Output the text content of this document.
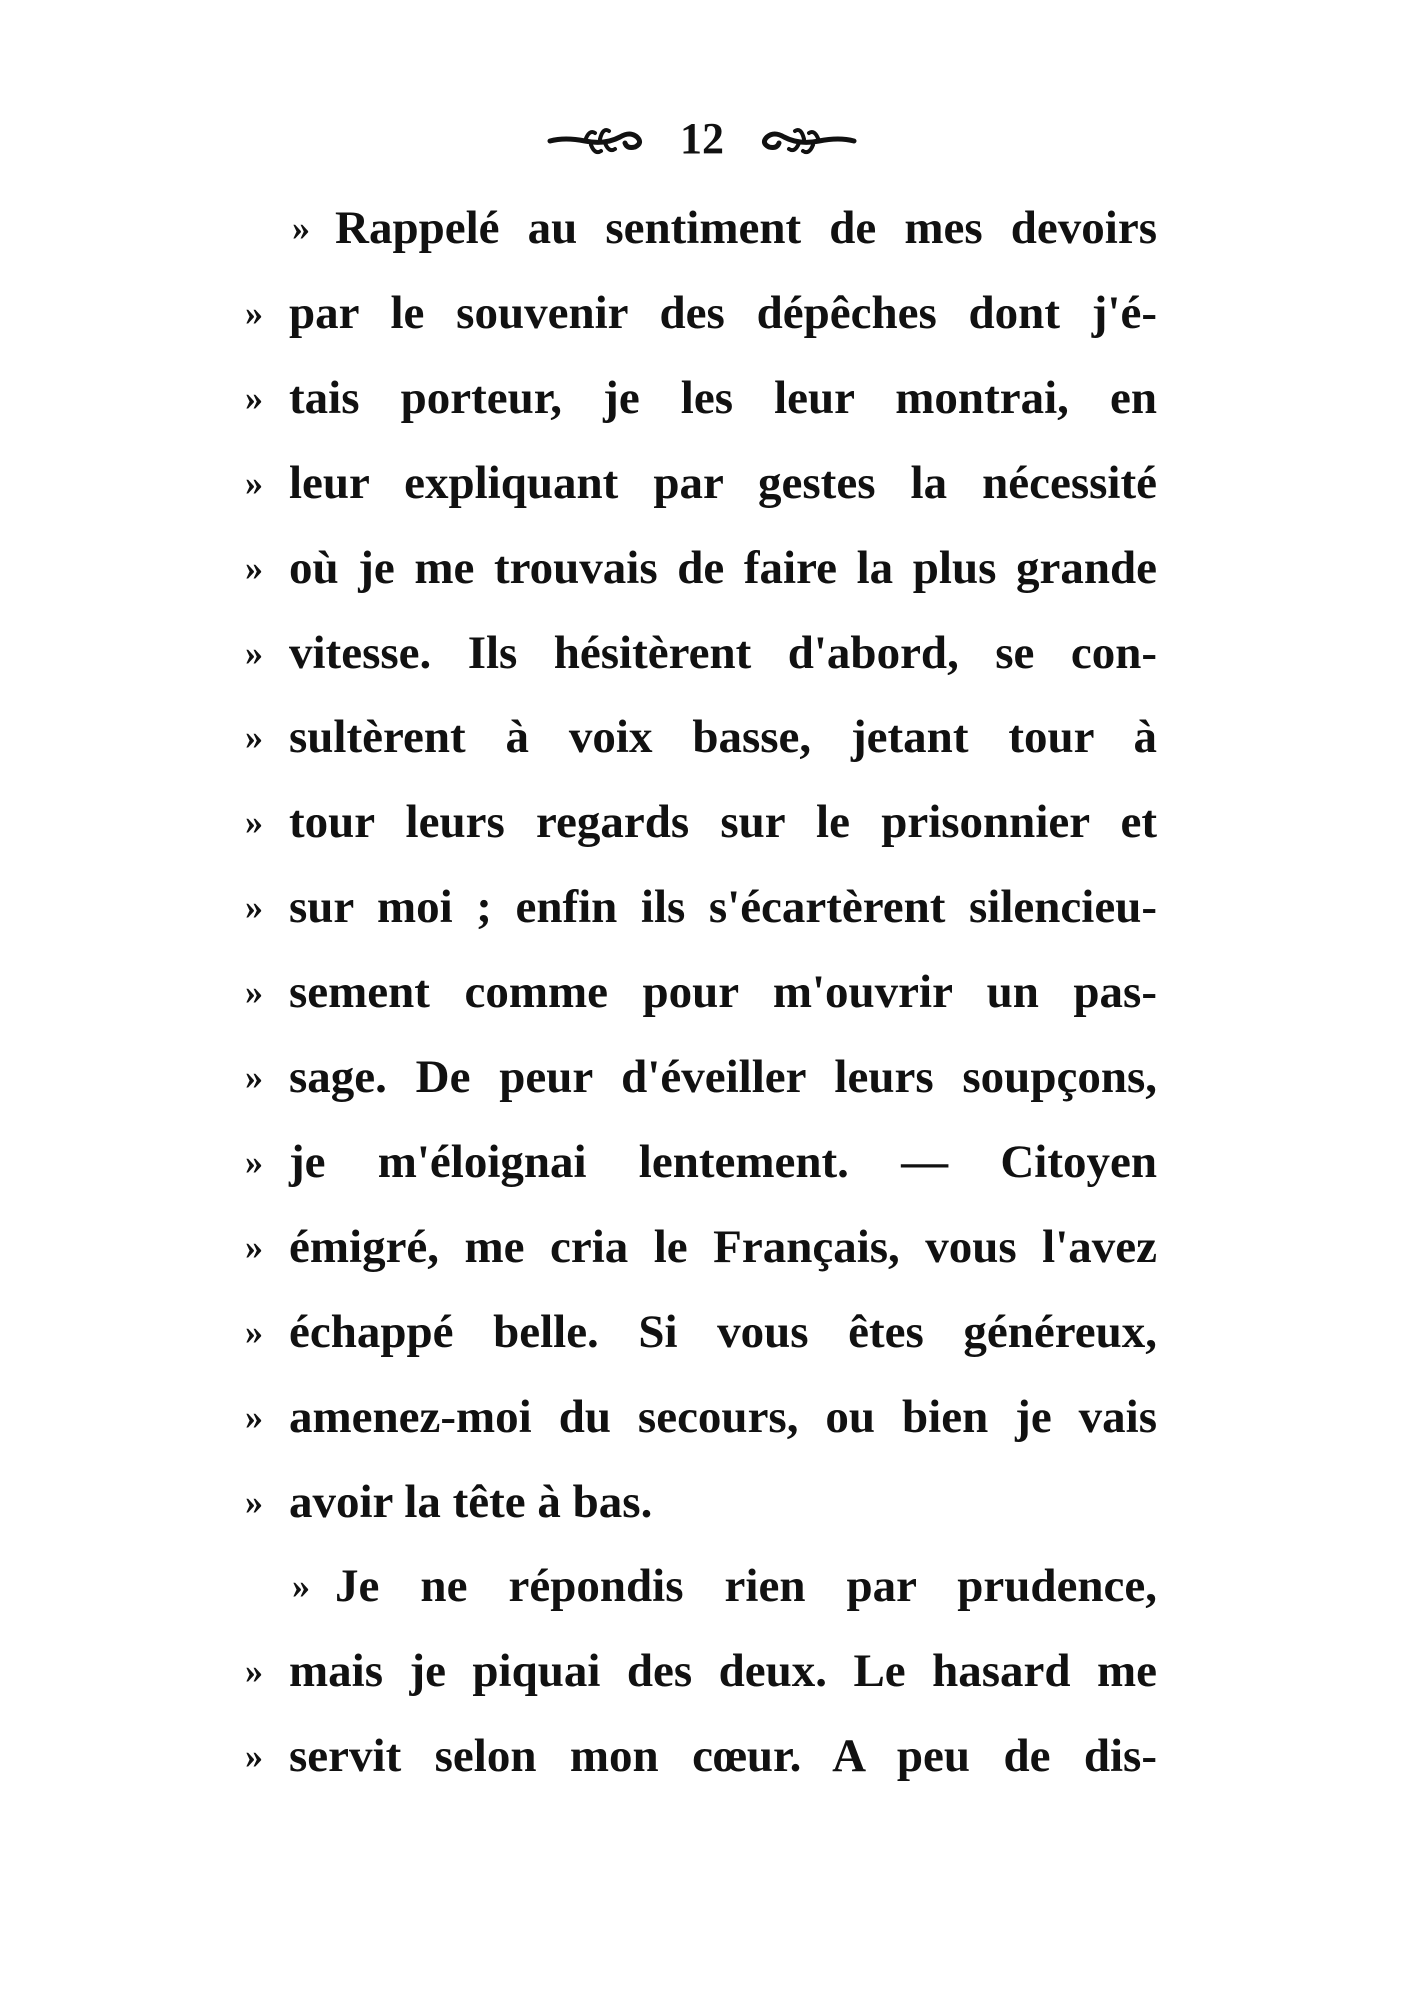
12
» Rappelé au sentiment de mes devoirs
» par le souvenir des dépêches dont j'é-
» tais porteur, je les leur montrai, en
» leur expliquant par gestes la nécessité
» où je me trouvais de faire la plus grande
» vitesse. Ils hésitèrent d'abord, se con-
» sultèrent à voix basse, jetant tour à
» tour leurs regards sur le prisonnier et
» sur moi ; enfin ils s'écartèrent silencieu-
» sement comme pour m'ouvrir un pas-
» sage. De peur d'éveiller leurs soupçons,
» je m'éloignai lentement. — Citoyen
» émigré, me cria le Français, vous l'avez
» échappé belle. Si vous êtes généreux,
» amenez-moi du secours, ou bien je vais
» avoir la tête à bas.
» Je ne répondis rien par prudence,
» mais je piquai des deux. Le hasard me
» servit selon mon cœur. A peu de dis-
